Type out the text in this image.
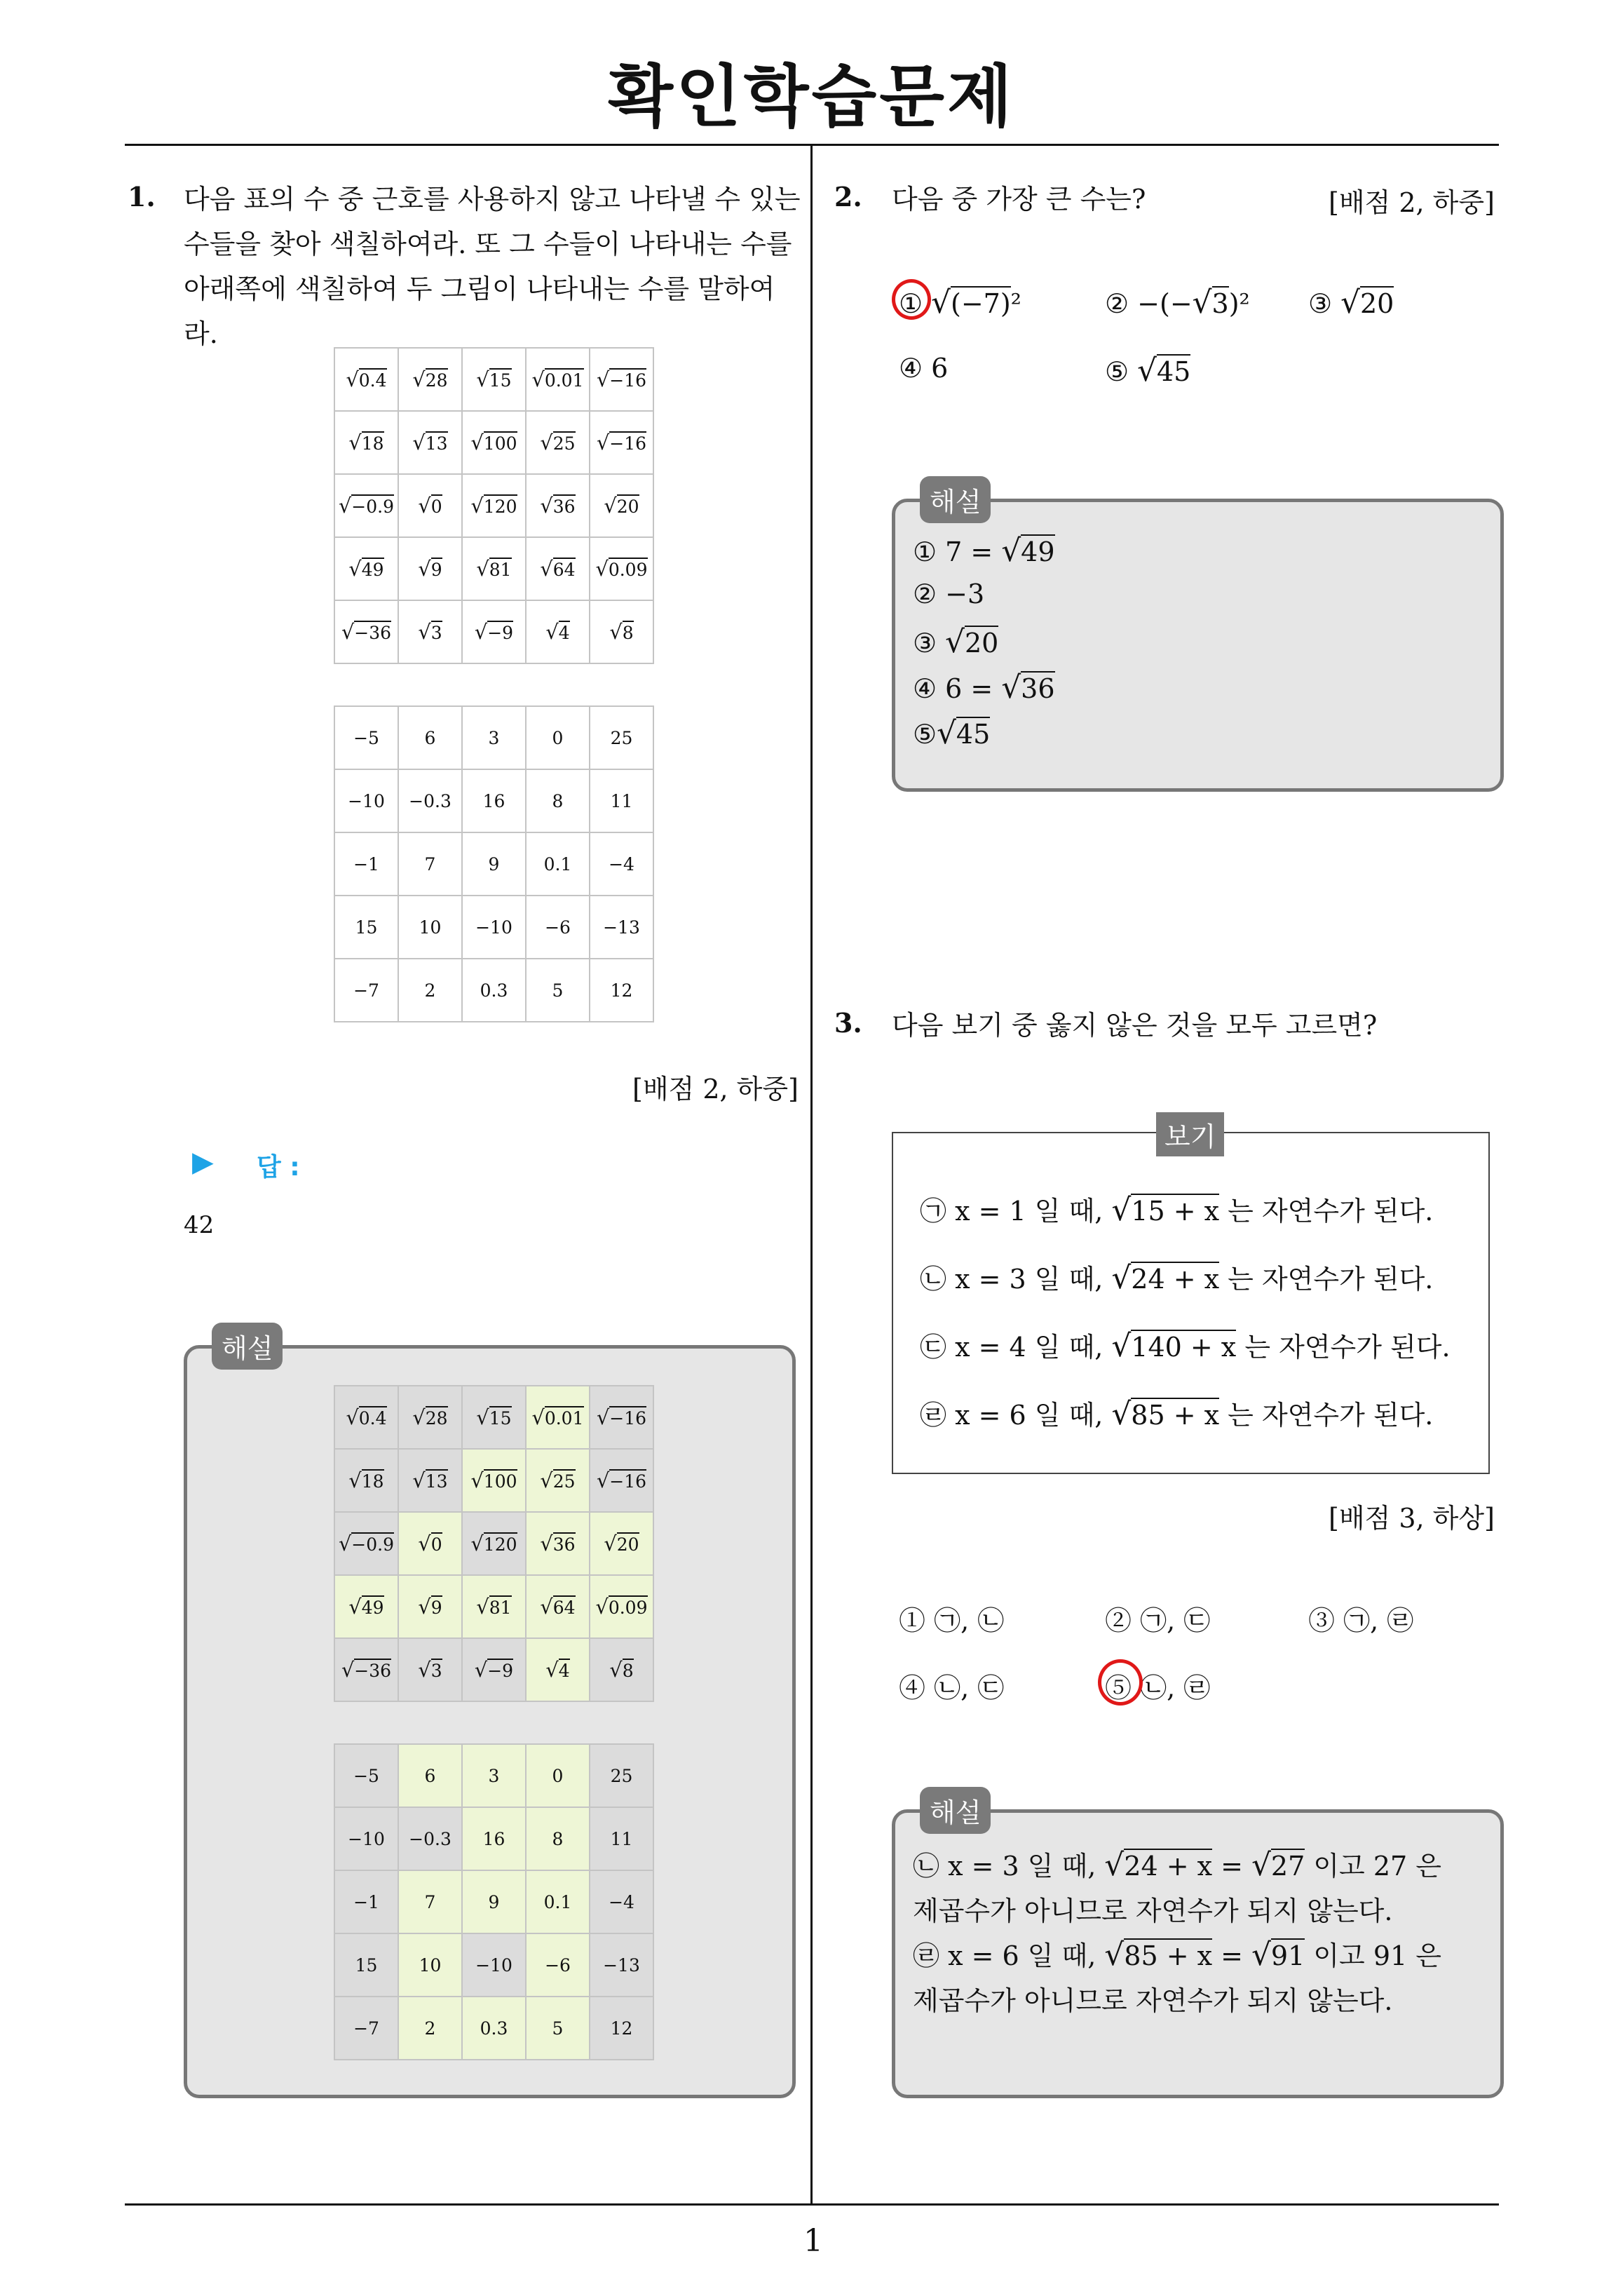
확인학습문제
1
1. 다음 표의 수 중 근호를 사용하지 않고 나타낼 수 있는
수들을 찾아 색칠하여라. 또 그 수들이 나타내는 수를
아래쪽에 색칠하여 두 그림이 나타내는 수를 말하여라.
√0.4	√28	√15	√0.01	√−16
√18	√13	√100	√25	√−16
√−0.9	√0	√120	√36	√20
√49	√9	√81	√64	√0.09
√−36	√3	√−9	√4	√8
−5	6	3	0	25
−10	−0.3	16	8	11
−1	7	9	0.1	−4
15	10	−10	−6	−13
−7	2	0.3	5	12
[배점 2, 하중]
▶ 답 :
42
해설
√0.4	√28	√15	√0.01	√−16
√18	√13	√100	√25	√−16
√−0.9	√0	√120	√36	√20
√49	√9	√81	√64	√0.09
√−36	√3	√−9	√4	√8
−5	6	3	0	25
−10	−0.3	16	8	11
−1	7	9	0.1	−4
15	10	−10	−6	−13
−7	2	0.3	5	12
2. 다음 중 가장 큰 수는?	[배점 2, 하중]
① √(−7)²	② −(−√3)² ③ √20
④ 6	⑤ √45
해설
① 7 = √49
② −3
③ √20
④ 6 = √36
⑤√45
3. 다음 보기 중 옳지 않은 것을 모두 고르면?
보기
㉠ x = 1 일 때, √15 + x 는 자연수가 된다.
㉡ x = 3 일 때, √24 + x 는 자연수가 된다.
㉢ x = 4 일 때, √140 + x 는 자연수가 된다.
㉣ x = 6 일 때, √85 + x 는 자연수가 된다.
[배점 3, 하상]
① ㉠, ㉡	② ㉠, ㉢	③ ㉠, ㉣
④ ㉡, ㉢	⑤ ㉡, ㉣
해설
㉡ x = 3 일 때, √24 + x = √27 이고 27 은
제곱수가 아니므로 자연수가 되지 않는다.
㉣ x = 6 일 때, √85 + x = √91 이고 91 은
제곱수가 아니므로 자연수가 되지 않는다.
